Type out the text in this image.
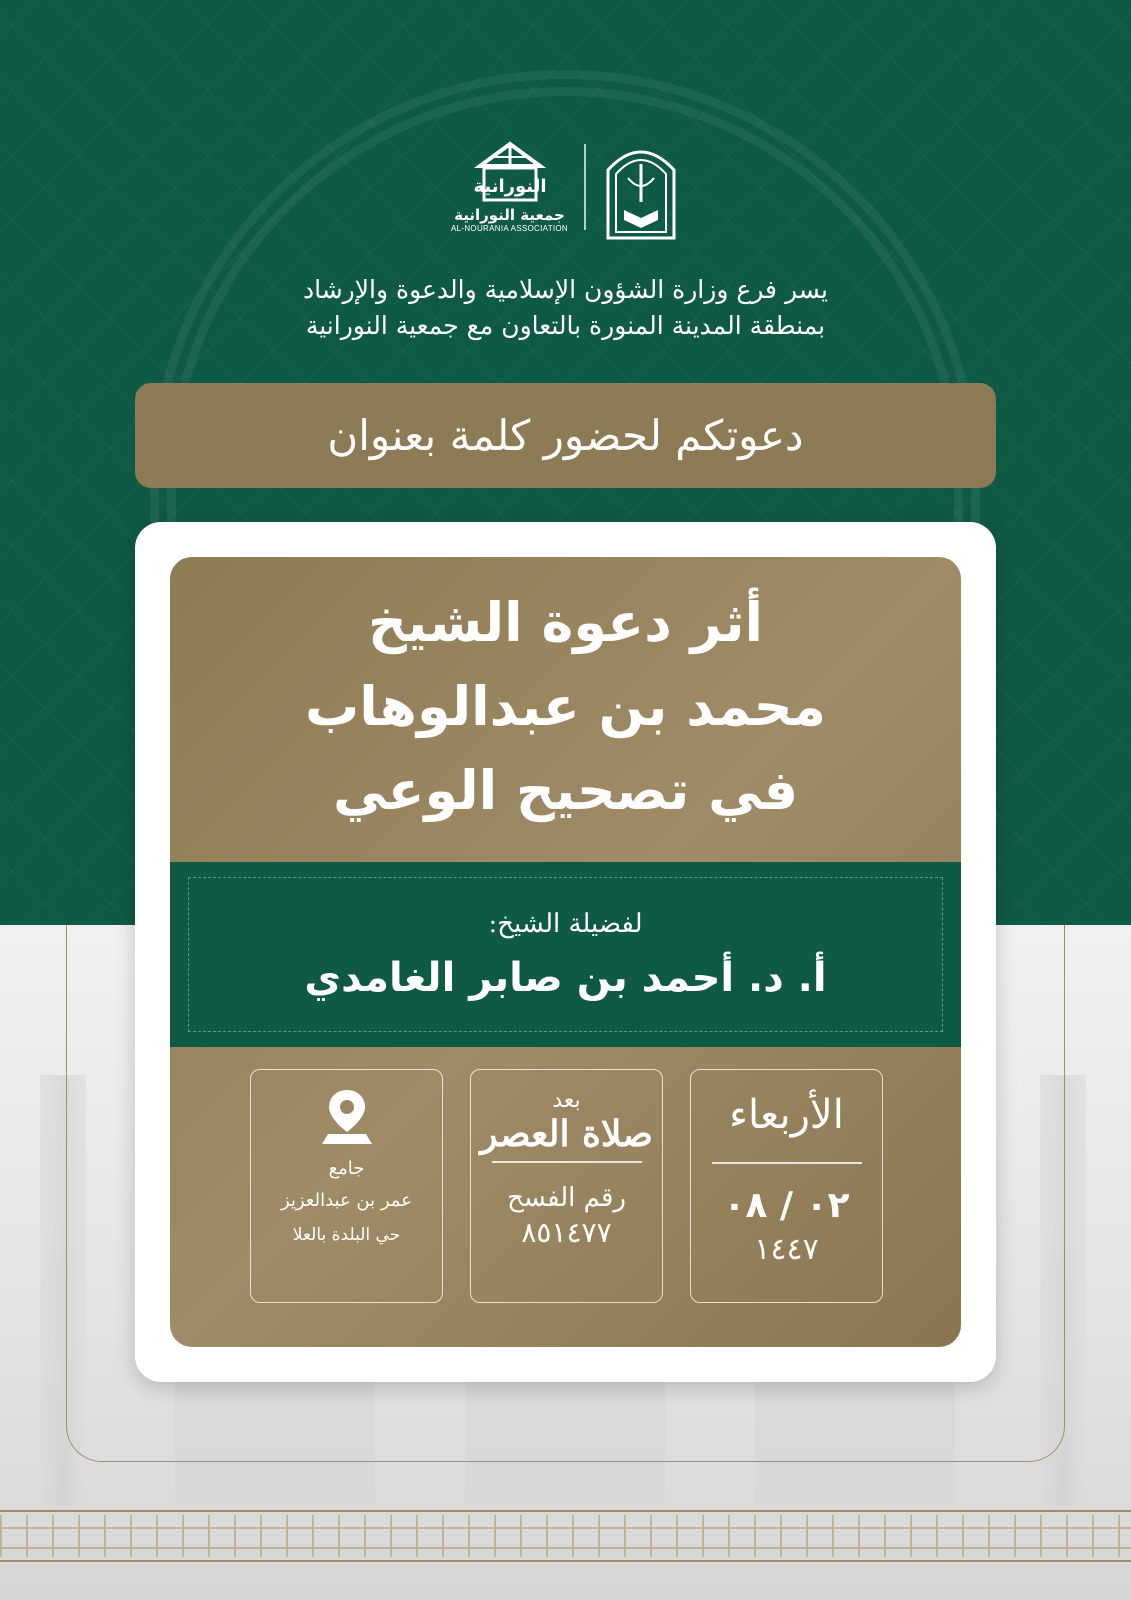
النورانية
جمعية النورانية
AL-NOURANIA ASSOCIATION
يسر فرع وزارة الشؤون الإسلامية والدعوة والإرشاد
بمنطقة المدينة المنورة بالتعاون مع جمعية النورانية
دعوتكم لحضور كلمة بعنوان
أثر دعوة الشيخ
محمد بن عبدالوهاب
في تصحيح الوعي
لفضيلة الشيخ:
أ. د. أحمد بن صابر الغامدي
الأربعاء
٠٢ / ٠٨
١٤٤٧
بعد
صلاة العصر
رقم الفسح
٨٥١٤٧٧
جامع
عمر بن عبدالعزيز
حي البلدة بالعلا
